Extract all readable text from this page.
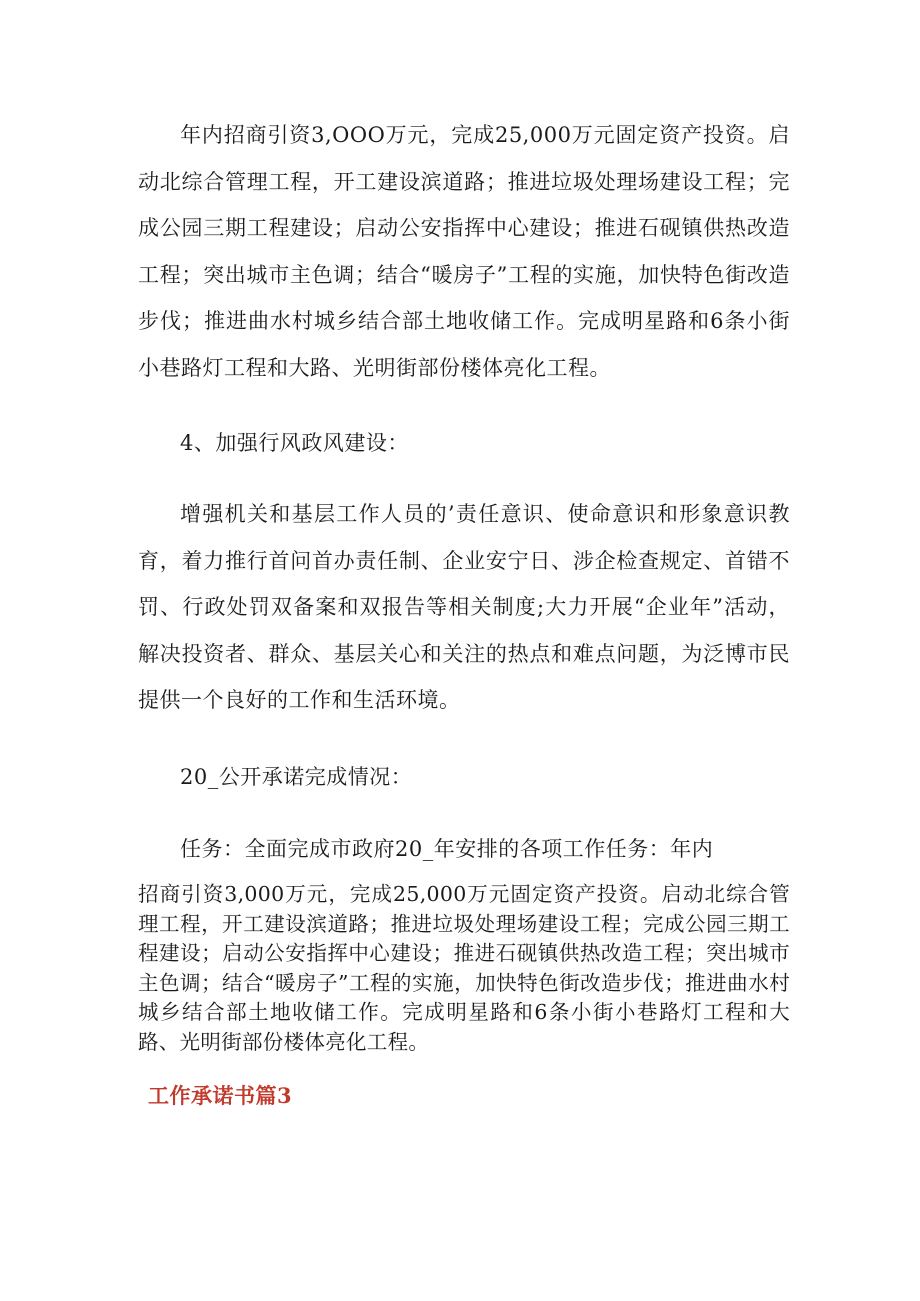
年内招商引资3,OOO万元，完成25,000万元固定资产投资。启动北综合管理工程，开工建设滨道路；推进垃圾处理场建设工程；完成公园三期工程建设；启动公安指挥中心建设；推进石砚镇供热改造工程；突出城市主色调；结合“暖房子”工程的实施，加快特色街改造步伐；推进曲水村城乡结合部土地收储工作。完成明星路和6条小街小巷路灯工程和大路、光明街部份楼体亮化工程。

4、加强行风政风建设：

增强机关和基层工作人员的’责任意识、使命意识和形象意识教育，着力推行首问首办责任制、企业安宁日、涉企检查规定、首错不罚、行政处罚双备案和双报告等相关制度;大力开展“企业年”活动，解决投资者、群众、基层关心和关注的热点和难点问题，为泛博市民提供一个良好的工作和生活环境。

20_公开承诺完成情况：

任务：全面完成市政府20_年安排的各项工作任务：年内

招商引资3,000万元，完成25,000万元固定资产投资。启动北综合管理工程，开工建设滨道路；推进垃圾处理场建设工程；完成公园三期工程建设；启动公安指挥中心建设；推进石砚镇供热改造工程；突出城市主色调；结合“暖房子”工程的实施，加快特色街改造步伐；推进曲水村城乡结合部土地收储工作。完成明星路和6条小街小巷路灯工程和大路、光明街部份楼体亮化工程。

工作承诺书篇3
